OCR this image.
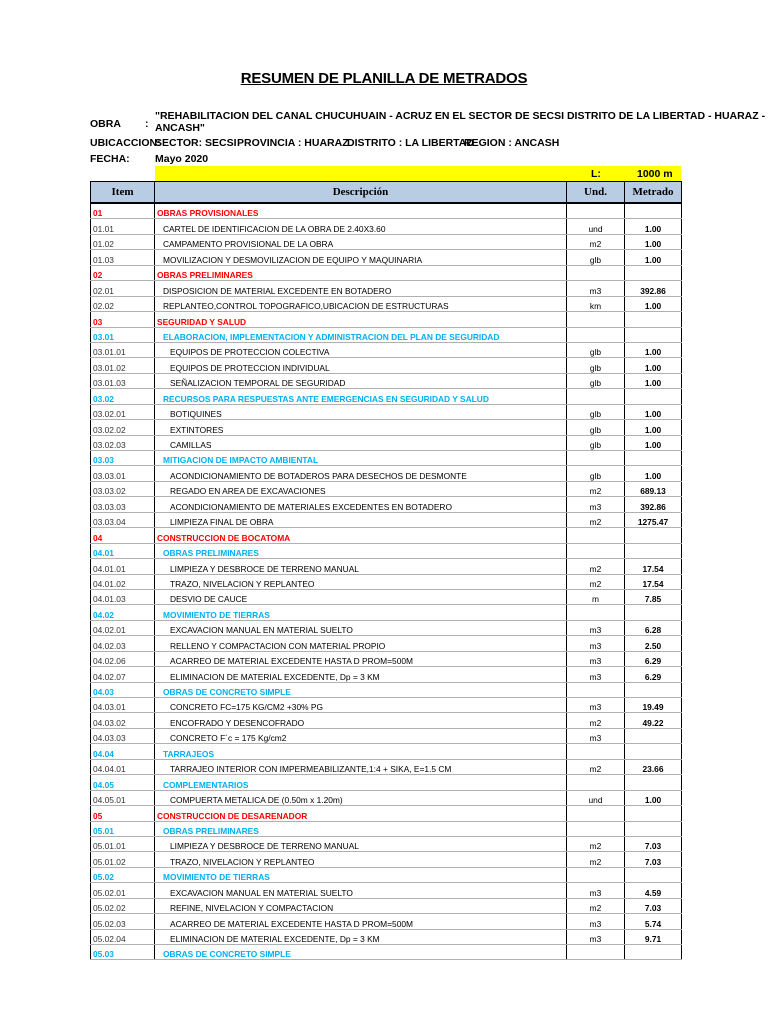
RESUMEN DE PLANILLA DE METRADOS
OBRA :
"REHABILITACION DEL CANAL CHUCUHUAIN - ACRUZ EN EL SECTOR DE SECSI DISTRITO DE LA LIBERTAD - HUARAZ -
ANCASH"
UBICACCION:
SECTOR: SECSI PROVINCIA : HUARAZ
DISTRITO : LA LIBERTAD
REGION : ANCASH
FECHA: Mayo 2020
L:	1000 m
Item	Descripción	Und.	Metrado
01	OBRAS PROVISIONALES		
01.01	CARTEL DE IDENTIFICACION DE LA OBRA DE 2.40X3.60	und	1.00
01.02	CAMPAMENTO PROVISIONAL DE LA OBRA	m2	1.00
01.03	MOVILIZACION Y DESMOVILIZACION DE EQUIPO Y MAQUINARIA	glb	1.00
02	OBRAS PRELIMINARES		
02.01	DISPOSICION DE MATERIAL EXCEDENTE EN BOTADERO	m3	392.86
02.02	REPLANTEO,CONTROL TOPOGRAFICO,UBICACION DE ESTRUCTURAS	km	1.00
03	SEGURIDAD Y SALUD		
03.01	ELABORACION, IMPLEMENTACION Y ADMINISTRACION DEL PLAN DE SEGURIDAD		
03.01.01	EQUIPOS DE PROTECCION COLECTIVA	glb	1.00
03.01.02	EQUIPOS DE PROTECCION INDIVIDUAL	glb	1.00
03.01.03	SEÑALIZACION TEMPORAL DE SEGURIDAD	glb	1.00
03.02	RECURSOS PARA RESPUESTAS ANTE EMERGENCIAS EN SEGURIDAD Y SALUD		
03.02.01	BOTIQUINES	glb	1.00
03.02.02	EXTINTORES	glb	1.00
03.02.03	CAMILLAS	glb	1.00
03.03	MITIGACION DE IMPACTO AMBIENTAL		
03.03.01	ACONDICIONAMIENTO DE BOTADEROS PARA DESECHOS DE DESMONTE	glb	1.00
03.03.02	REGADO EN AREA DE EXCAVACIONES	m2	689.13
03.03.03	ACONDICIONAMIENTO DE MATERIALES EXCEDENTES EN BOTADERO	m3	392.86
03.03.04	LIMPIEZA FINAL DE OBRA	m2	1275.47
04	CONSTRUCCION DE BOCATOMA		
04.01	OBRAS PRELIMINARES		
04.01.01	LIMPIEZA Y DESBROCE DE TERRENO MANUAL	m2	17.54
04.01.02	TRAZO, NIVELACION Y REPLANTEO	m2	17.54
04.01.03	DESVIO DE CAUCE	m	7.85
04.02	MOVIMIENTO DE TIERRAS		
04.02.01	EXCAVACION MANUAL EN MATERIAL SUELTO	m3	6.28
04.02.03	RELLENO Y COMPACTACION CON MATERIAL PROPIO	m3	2.50
04.02.06	ACARREO DE MATERIAL EXCEDENTE HASTA D PROM=500M	m3	6.29
04.02.07	ELIMINACION DE MATERIAL EXCEDENTE, Dp = 3 KM	m3	6.29
04.03	OBRAS DE CONCRETO SIMPLE		
04.03.01	CONCRETO FC=175 KG/CM2 +30% PG	m3	19.49
04.03.02	ENCOFRADO Y DESENCOFRADO	m2	49.22
04.03.03	CONCRETO F´c = 175 Kg/cm2	m3	
04.04	TARRAJEOS		
04.04.01	TARRAJEO INTERIOR CON IMPERMEABILIZANTE,1:4 + SIKA, E=1.5 CM	m2	23.66
04.05	COMPLEMENTARIOS		
04.05.01	COMPUERTA METALICA DE (0.50m x 1.20m)	und	1.00
05	CONSTRUCCION DE DESARENADOR		
05.01	OBRAS PRELIMINARES		
05.01.01	LIMPIEZA Y DESBROCE DE TERRENO MANUAL	m2	7.03
05.01.02	TRAZO, NIVELACION Y REPLANTEO	m2	7.03
05.02	MOVIMIENTO DE TIERRAS		
05.02.01	EXCAVACION MANUAL EN MATERIAL SUELTO	m3	4.59
05.02.02	REFINE, NIVELACION Y COMPACTACION	m2	7.03
05.02.03	ACARREO DE MATERIAL EXCEDENTE HASTA D PROM=500M	m3	5.74
05.02.04	ELIMINACION DE MATERIAL EXCEDENTE, Dp = 3 KM	m3	9.71
05.03	OBRAS DE CONCRETO SIMPLE		
